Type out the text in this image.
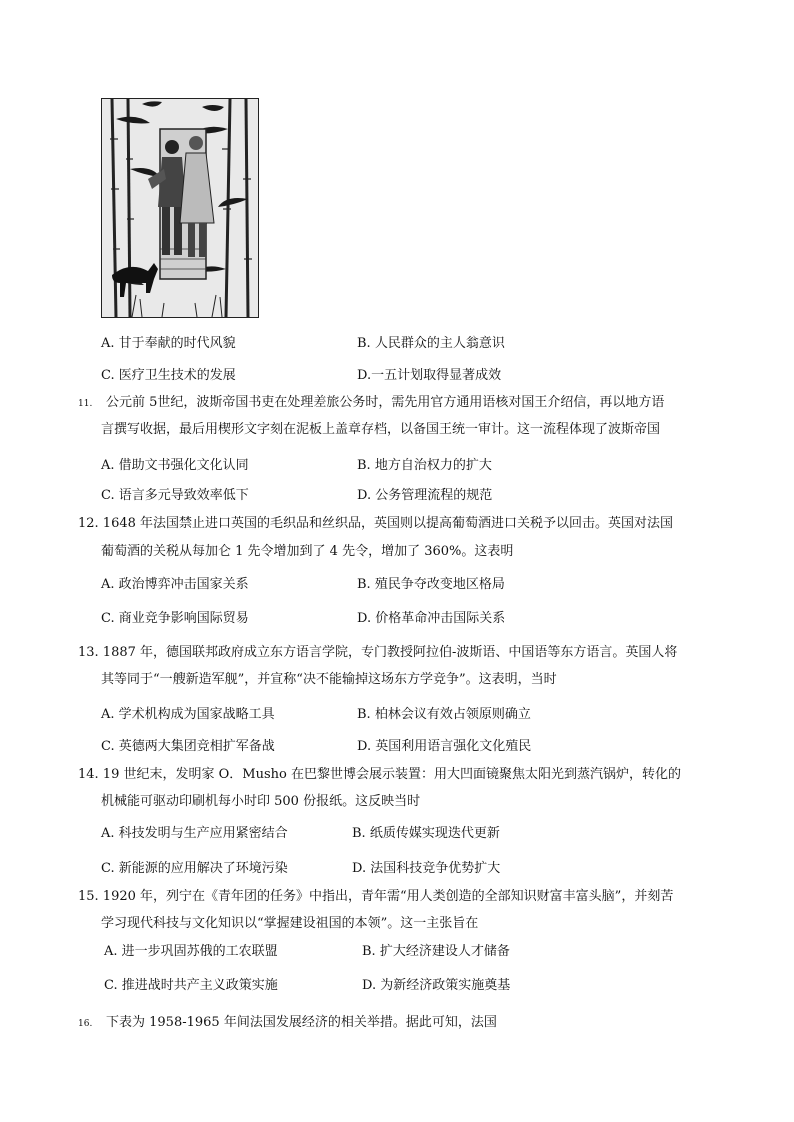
A. 甘于奉献的时代风貌	B. 人民群众的主人翁意识
C. 医疗卫生技术的发展	D.一五计划取得显著成效
11. 公元前 5世纪，波斯帝国书吏在处理差旅公务时，需先用官方通用语核对国王介绍信，再以地方语
言撰写收据，最后用楔形文字刻在泥板上盖章存档，以备国王统一审计。这一流程体现了波斯帝国
A. 借助文书强化文化认同	B. 地方自治权力的扩大
C. 语言多元导致效率低下	D. 公务管理流程的规范
12. 1648 年法国禁止进口英国的毛织品和丝织品，英国则以提高葡萄酒进口关税予以回击。英国对法国
葡萄酒的关税从每加仑 1 先令增加到了 4 先令，增加了 360%。这表明
A. 政治博弈冲击国家关系	B. 殖民争夺改变地区格局
C. 商业竞争影响国际贸易	D. 价格革命冲击国际关系
13. 1887 年，德国联邦政府成立东方语言学院，专门教授阿拉伯-波斯语、中国语等东方语言。英国人将
其等同于“一艘新造军舰”，并宣称“决不能输掉这场东方学竞争”。这表明，当时
A. 学术机构成为国家战略工具	B. 柏林会议有效占领原则确立
C. 英德两大集团竞相扩军备战	D. 英国利用语言强化文化殖民
14. 19 世纪末，发明家 O．Musho 在巴黎世博会展示装置：用大凹面镜聚焦太阳光到蒸汽锅炉，转化的
机械能可驱动印刷机每小时印 500 份报纸。这反映当时
A. 科技发明与生产应用紧密结合	B. 纸质传媒实现迭代更新
C. 新能源的应用解决了环境污染	D. 法国科技竞争优势扩大
15. 1920 年，列宁在《青年团的任务》中指出，青年需“用人类创造的全部知识财富丰富头脑”，并刻苦
学习现代科技与文化知识以“掌握建设祖国的本领”。这一主张旨在
A. 进一步巩固苏俄的工农联盟	B. 扩大经济建设人才储备
C. 推进战时共产主义政策实施	D. 为新经济政策实施奠基
16. 下表为 1958-1965 年间法国发展经济的相关举措。据此可知，法国
